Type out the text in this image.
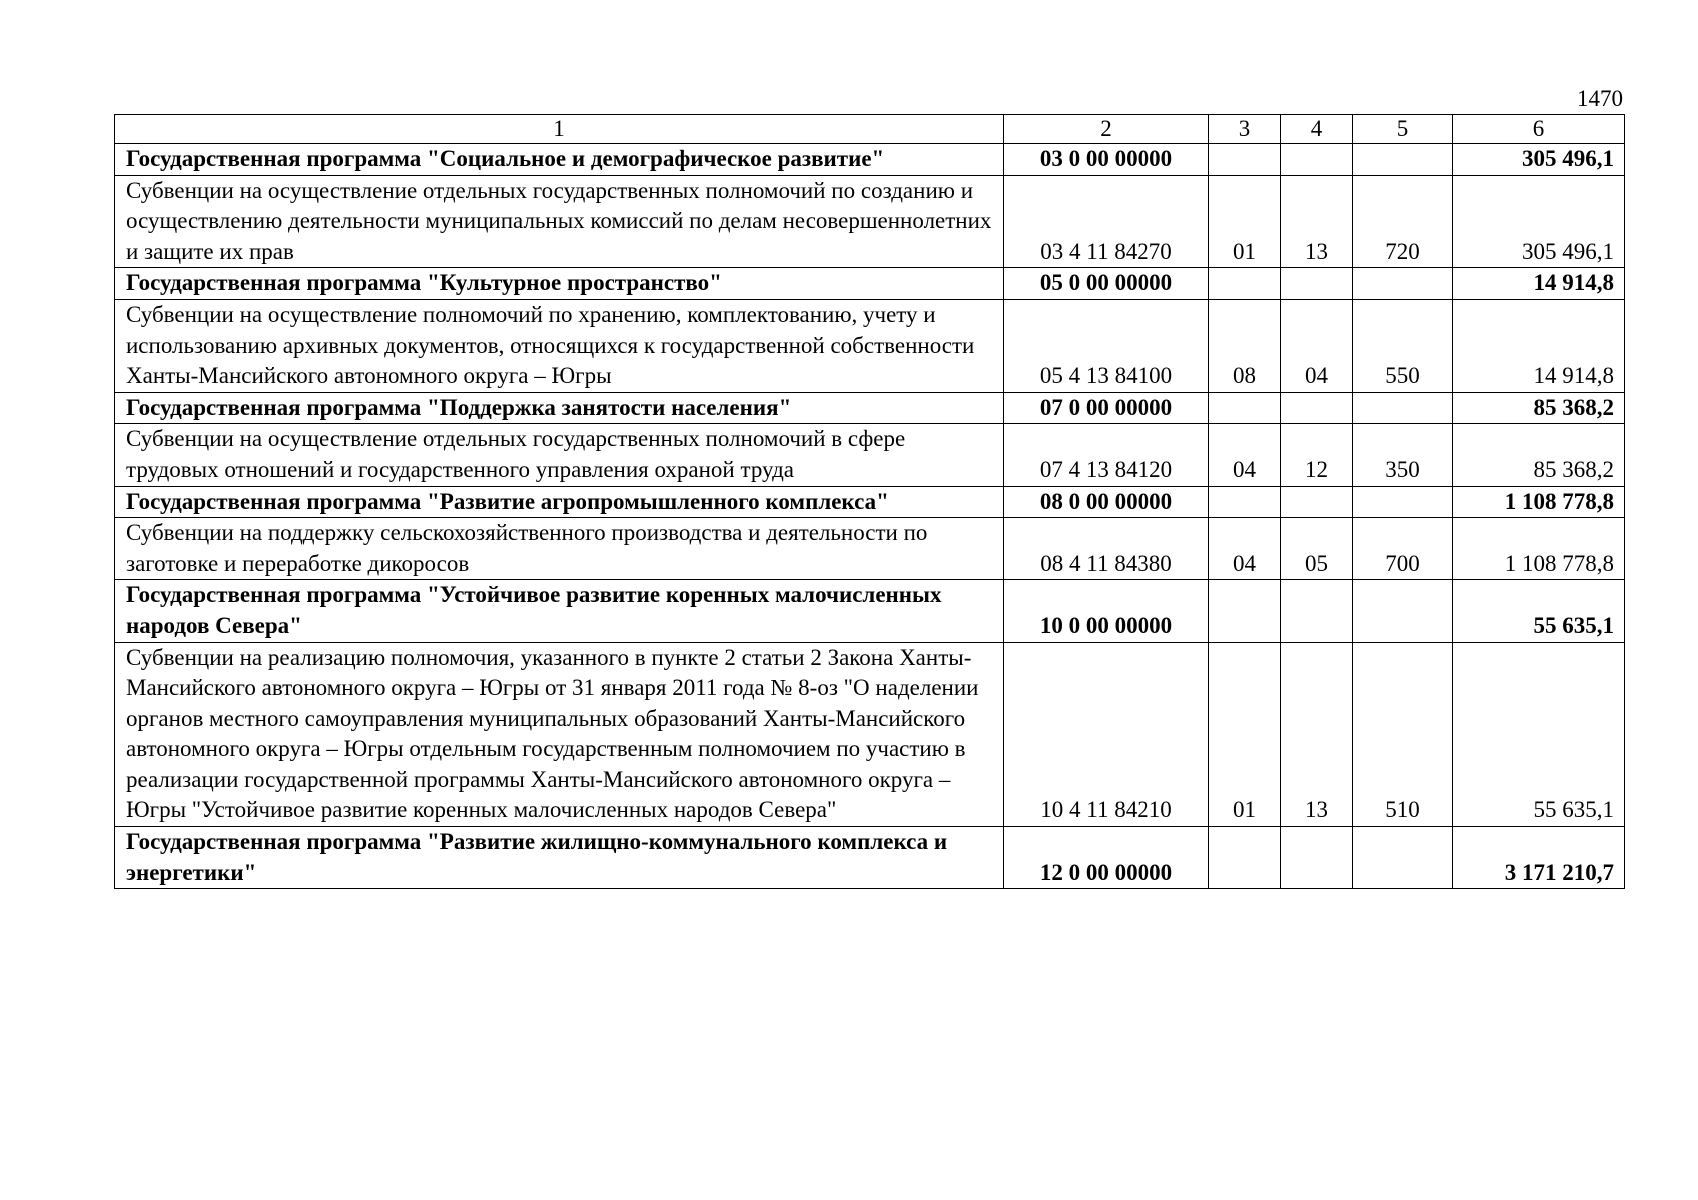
1470
1	2	3	4	5	6
Государственная программа "Социальное и демографическое развитие"	03 0 00 00000				305 496,1
Субвенции на осуществление отдельных государственных полномочий по созданию и осуществлению деятельности муниципальных комиссий по делам несовершеннолетних и защите их прав	03 4 11 84270	01	13	720	305 496,1
Государственная программа "Культурное пространство"	05 0 00 00000				14 914,8
Субвенции на осуществление полномочий по хранению, комплектованию, учету и использованию архивных документов, относящихся к государственной собственности Ханты-Мансийского автономного округа – Югры	05 4 13 84100	08	04	550	14 914,8
Государственная программа "Поддержка занятости населения"	07 0 00 00000				85 368,2
Субвенции на осуществление отдельных государственных полномочий в сфере трудовых отношений и государственного управления охраной труда	07 4 13 84120	04	12	350	85 368,2
Государственная программа "Развитие агропромышленного комплекса"	08 0 00 00000				1 108 778,8
Субвенции на поддержку сельскохозяйственного производства и деятельности по заготовке и переработке дикоросов	08 4 11 84380	04	05	700	1 108 778,8
Государственная программа "Устойчивое развитие коренных малочисленных народов Севера"	10 0 00 00000				55 635,1
Субвенции на реализацию полномочия, указанного в пункте 2 статьи 2 Закона Ханты-Мансийского автономного округа – Югры от 31 января 2011 года № 8-оз "О наделении органов местного самоуправления муниципальных образований Ханты-Мансийского автономного округа – Югры отдельным государственным полномочием по участию в реализации государственной программы Ханты-Мансийского автономного округа – Югры "Устойчивое развитие коренных малочисленных народов Севера"	10 4 11 84210	01	13	510	55 635,1
Государственная программа "Развитие жилищно-коммунального комплекса и энергетики"	12 0 00 00000				3 171 210,7
